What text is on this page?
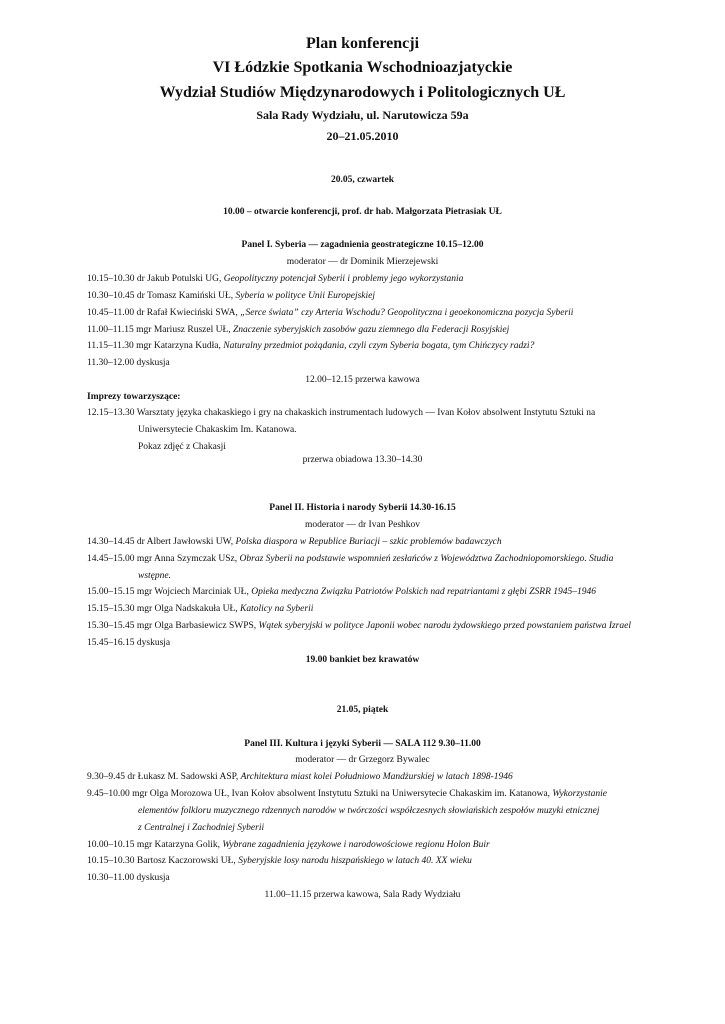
Plan konferencji
VI Łódzkie Spotkania Wschodnioazjatyckie
Wydział Studiów Międzynarodowych i Politologicznych UŁ
Sala Rady Wydziału, ul. Narutowicza 59a
20–21.05.2010
20.05, czwartek
10.00 – otwarcie konferencji, prof. dr hab. Małgorzata Pietrasiak UŁ
Panel I. Syberia — zagadnienia geostrategiczne 10.15–12.00
moderator — dr Dominik Mierzejewski
10.15–10.30 dr Jakub Potulski UG, Geopolityczny potencjał Syberii i problemy jego wykorzystania
10.30–10.45 dr Tomasz Kamiński UŁ, Syberia w polityce Unii Europejskiej
10.45–11.00 dr Rafał Kwieciński SWA, „Serce świata” czy Arteria Wschodu? Geopolityczna i geoekonomiczna pozycja Syberii
11.00–11.15 mgr Mariusz Ruszel UŁ, Znaczenie syberyjskich zasobów gazu ziemnego dla Federacji Rosyjskiej
11.15–11.30 mgr Katarzyna Kudła, Naturalny przedmiot pożądania, czyli czym Syberia bogata, tym Chińczycy radzi?
11.30–12.00 dyskusja
12.00–12.15 przerwa kawowa
Imprezy towarzyszące:
12.15–13.30 Warsztaty języka chakaskiego i gry na chakaskich instrumentach ludowych — Ivan Kołov absolwent Instytutu Sztuki na
Uniwersytecie Chakaskim Im. Katanowa.
Pokaz zdjęć z Chakasji
przerwa obiadowa 13.30–14.30
Panel II. Historia i narody Syberii 14.30-16.15
moderator — dr Ivan Peshkov
14.30–14.45 dr Albert Jawłowski UW, Polska diaspora w Republice Buriacji – szkic problemów badawczych
14.45–15.00 mgr Anna Szymczak USz, Obraz Syberii na podstawie wspomnień zesłańców z Województwa Zachodniopomorskiego. Studia
wstępne.
15.00–15.15 mgr Wojciech Marciniak UŁ, Opieka medyczna Związku Patriotów Polskich nad repatriantami z głębi ZSRR 1945–1946
15.15–15.30 mgr Olga Nadskakuła UŁ, Katolicy na Syberii
15.30–15.45 mgr Olga Barbasiewicz SWPS, Wątek syberyjski w polityce Japonii wobec narodu żydowskiego przed powstaniem państwa Izrael
15.45–16.15 dyskusja
19.00 bankiet bez krawatów
21.05, piątek
Panel III. Kultura i języki Syberii — SALA 112 9.30–11.00
moderator — dr Grzegorz Bywalec
9.30–9.45 dr Łukasz M. Sadowski ASP, Architektura miast kolei Południowo Mandżurskiej w latach 1898-1946
9.45–10.00 mgr Olga Morozowa UŁ, Ivan Kołov absolwent Instytutu Sztuki na Uniwersytecie Chakaskim im. Katanowa, Wykorzystanie
elementów folkloru muzycznego rdzennych narodów w twórczości współczesnych słowiańskich zespołów muzyki etnicznej
z Centralnej i Zachodniej Syberii
10.00–10.15 mgr Katarzyna Golik, Wybrane zagadnienia językowe i narodowościowe regionu Holon Buir
10.15–10.30 Bartosz Kaczorowski UŁ, Syberyjskie losy narodu hiszpańskiego w latach 40. XX wieku
10.30–11.00 dyskusja
11.00–11.15 przerwa kawowa, Sala Rady Wydziału
